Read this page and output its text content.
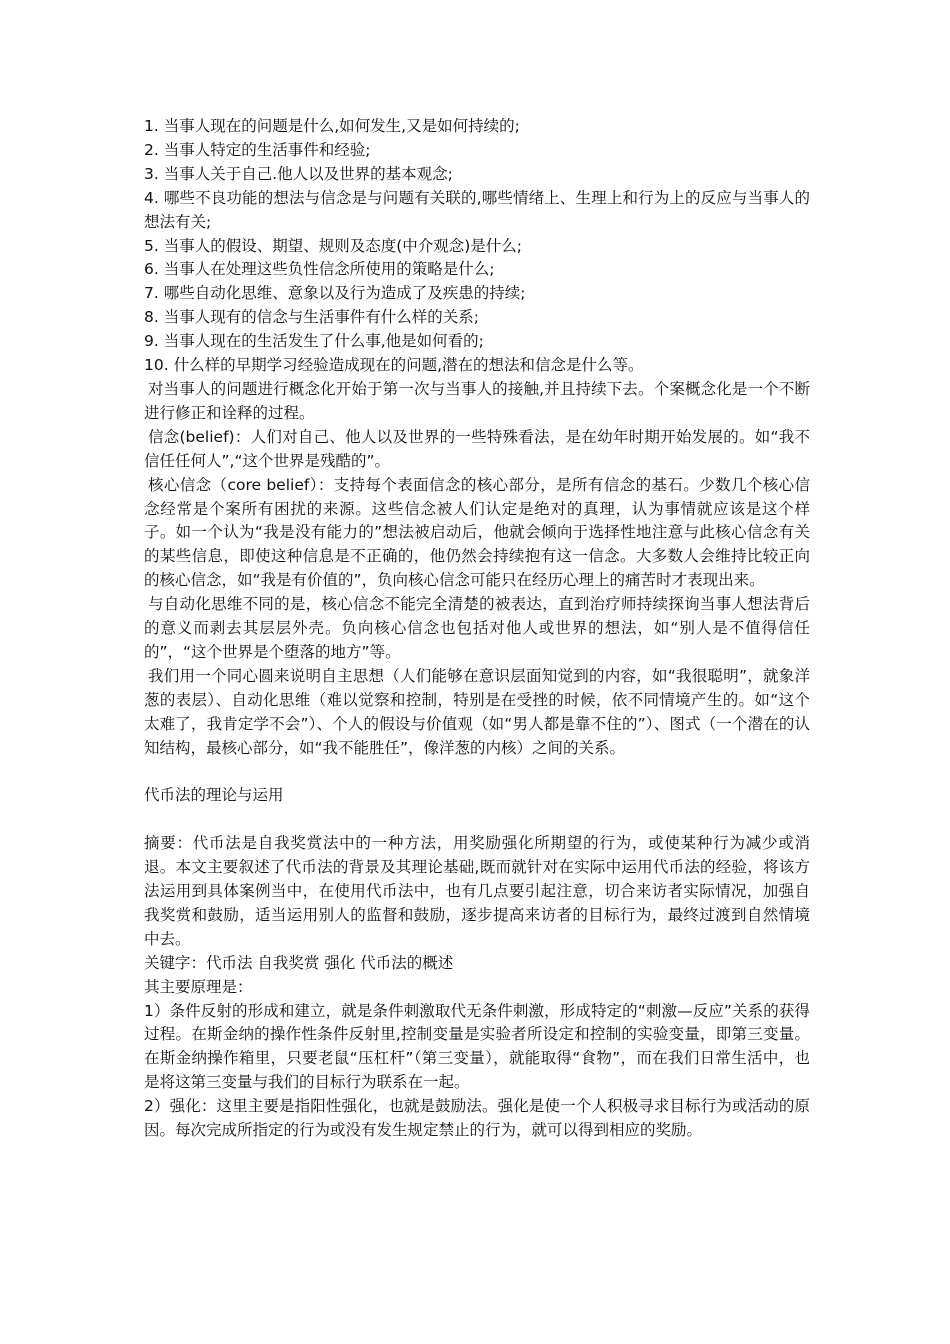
1. 当事人现在的问题是什么,如何发生,又是如何持续的;
2. 当事人特定的生活事件和经验;
3. 当事人关于自己.他人以及世界的基本观念;
4. 哪些不良功能的想法与信念是与问题有关联的,哪些情绪上、生理上和行为上的反应与当事人的想法有关;
5. 当事人的假设、期望、规则及态度(中介观念)是什么;
6. 当事人在处理这些负性信念所使用的策略是什么;
7. 哪些自动化思维、意象以及行为造成了及疾患的持续;
8. 当事人现有的信念与生活事件有什么样的关系;
9. 当事人现在的生活发生了什么事,他是如何看的;
10. 什么样的早期学习经验造成现在的问题,潜在的想法和信念是什么等。
对当事人的问题进行概念化开始于第一次与当事人的接触,并且持续下去。个案概念化是一个不断进行修正和诠释的过程。
信念(belief)：人们对自己、他人以及世界的一些特殊看法，是在幼年时期开始发展的。如“我不信任任何人”,“这个世界是残酷的”。
核心信念（core belief）：支持每个表面信念的核心部分，是所有信念的基石。少数几个核心信念经常是个案所有困扰的来源。这些信念被人们认定是绝对的真理，认为事情就应该是这个样子。如一个认为“我是没有能力的”想法被启动后，他就会倾向于选择性地注意与此核心信念有关的某些信息，即使这种信息是不正确的，他仍然会持续抱有这一信念。大多数人会维持比较正向的核心信念，如“我是有价值的”，负向核心信念可能只在经历心理上的痛苦时才表现出来。
与自动化思维不同的是，核心信念不能完全清楚的被表达，直到治疗师持续探询当事人想法背后的意义而剥去其层层外壳。负向核心信念也包括对他人或世界的想法，如“别人是不值得信任的”，“这个世界是个堕落的地方”等。
我们用一个同心圆来说明自主思想（人们能够在意识层面知觉到的内容，如“我很聪明”，就象洋葱的表层）、自动化思维（难以觉察和控制，特别是在受挫的时候，依不同情境产生的。如“这个太难了，我肯定学不会”）、个人的假设与价值观（如“男人都是靠不住的”）、图式（一个潜在的认知结构，最核心部分，如“我不能胜任”，像洋葱的内核）之间的关系。
代币法的理论与运用
摘要：代币法是自我奖赏法中的一种方法，用奖励强化所期望的行为，或使某种行为减少或消退。本文主要叙述了代币法的背景及其理论基础,既而就针对在实际中运用代币法的经验，将该方法运用到具体案例当中，在使用代币法中，也有几点要引起注意，切合来访者实际情况，加强自我奖赏和鼓励，适当运用别人的监督和鼓励，逐步提高来访者的目标行为，最终过渡到自然情境中去。
关键字：代币法 自我奖赏 强化 代币法的概述
其主要原理是：
1）条件反射的形成和建立，就是条件刺激取代无条件刺激，形成特定的“刺激—反应”关系的获得过程。在斯金纳的操作性条件反射里,控制变量是实验者所设定和控制的实验变量，即第三变量。在斯金纳操作箱里，只要老鼠“压杠杆”（第三变量），就能取得“食物”，而在我们日常生活中，也是将这第三变量与我们的目标行为联系在一起。
2）强化：这里主要是指阳性强化，也就是鼓励法。强化是使一个人积极寻求目标行为或活动的原因。每次完成所指定的行为或没有发生规定禁止的行为，就可以得到相应的奖励。
